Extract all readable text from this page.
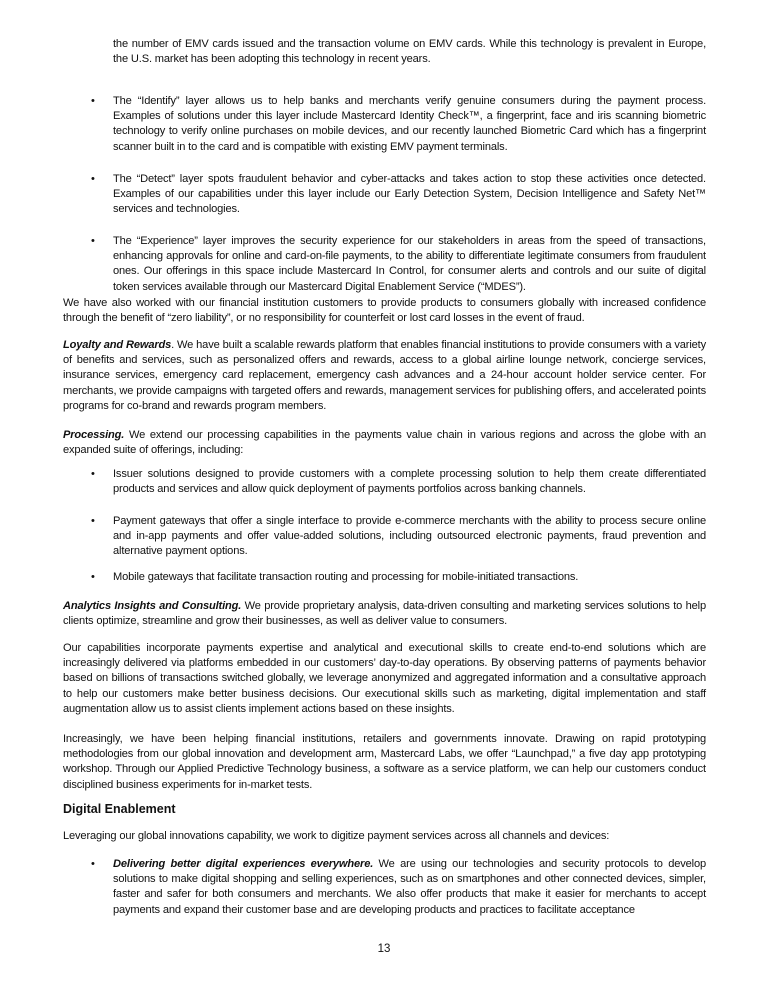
the number of EMV cards issued and the transaction volume on EMV cards. While this technology is prevalent in Europe, the U.S. market has been adopting this technology in recent years.

• The “Identify” layer allows us to help banks and merchants verify genuine consumers during the payment process. Examples of solutions under this layer include Mastercard Identity Check™, a fingerprint, face and iris scanning biometric technology to verify online purchases on mobile devices, and our recently launched Biometric Card which has a fingerprint scanner built in to the card and is compatible with existing EMV payment terminals.

• The “Detect” layer spots fraudulent behavior and cyber-attacks and takes action to stop these activities once detected. Examples of our capabilities under this layer include our Early Detection System, Decision Intelligence and Safety Net™ services and technologies.

• The “Experience” layer improves the security experience for our stakeholders in areas from the speed of transactions, enhancing approvals for online and card-on-file payments, to the ability to differentiate legitimate consumers from fraudulent ones. Our offerings in this space include Mastercard In Control, for consumer alerts and controls and our suite of digital token services available through our Mastercard Digital Enablement Service (“MDES”).

We have also worked with our financial institution customers to provide products to consumers globally with increased confidence through the benefit of “zero liability”, or no responsibility for counterfeit or lost card losses in the event of fraud.

Loyalty and Rewards. We have built a scalable rewards platform that enables financial institutions to provide consumers with a variety of benefits and services, such as personalized offers and rewards, access to a global airline lounge network, concierge services, insurance services, emergency card replacement, emergency cash advances and a 24-hour account holder service center. For merchants, we provide campaigns with targeted offers and rewards, management services for publishing offers, and accelerated points programs for co-brand and rewards program members.

Processing. We extend our processing capabilities in the payments value chain in various regions and across the globe with an expanded suite of offerings, including:

• Issuer solutions designed to provide customers with a complete processing solution to help them create differentiated products and services and allow quick deployment of payments portfolios across banking channels.

• Payment gateways that offer a single interface to provide e-commerce merchants with the ability to process secure online and in-app payments and offer value-added solutions, including outsourced electronic payments, fraud prevention and alternative payment options.

• Mobile gateways that facilitate transaction routing and processing for mobile-initiated transactions.

Analytics Insights and Consulting. We provide proprietary analysis, data-driven consulting and marketing services solutions to help clients optimize, streamline and grow their businesses, as well as deliver value to consumers.

Our capabilities incorporate payments expertise and analytical and executional skills to create end-to-end solutions which are increasingly delivered via platforms embedded in our customers’ day-to-day operations. By observing patterns of payments behavior based on billions of transactions switched globally, we leverage anonymized and aggregated information and a consultative approach to help our customers make better business decisions. Our executional skills such as marketing, digital implementation and staff augmentation allow us to assist clients implement actions based on these insights.

Increasingly, we have been helping financial institutions, retailers and governments innovate. Drawing on rapid prototyping methodologies from our global innovation and development arm, Mastercard Labs, we offer “Launchpad,” a five day app prototyping workshop. Through our Applied Predictive Technology business, a software as a service platform, we can help our customers conduct disciplined business experiments for in-market tests.

Digital Enablement

Leveraging our global innovations capability, we work to digitize payment services across all channels and devices:

• Delivering better digital experiences everywhere. We are using our technologies and security protocols to develop solutions to make digital shopping and selling experiences, such as on smartphones and other connected devices, simpler, faster and safer for both consumers and merchants. We also offer products that make it easier for merchants to accept payments and expand their customer base and are developing products and practices to facilitate acceptance

13
